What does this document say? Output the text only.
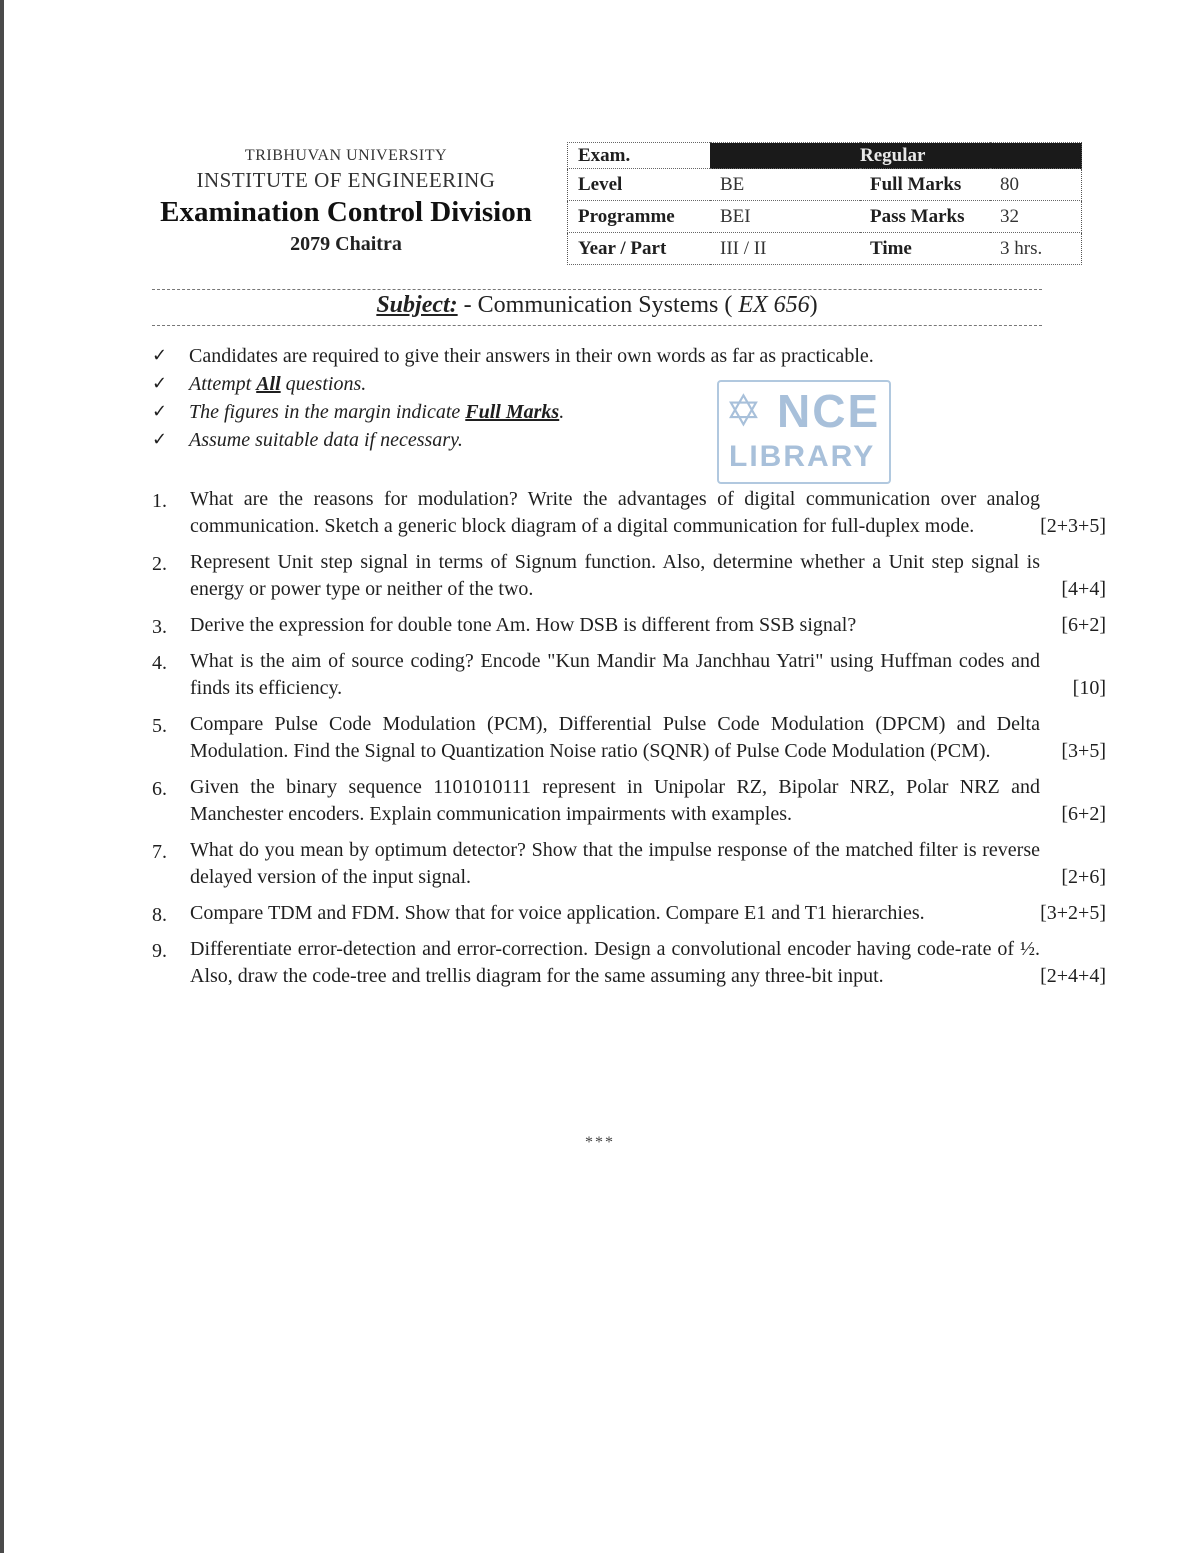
TRIBHUVAN UNIVERSITY
INSTITUTE OF ENGINEERING
Examination Control Division
2079 Chaitra
Exam.	Regular		
Level	BE	Full Marks	80
Programme	BEI	Pass Marks	32
Year / Part	III / II	Time	3 hrs.
Subject: - Communication Systems ( EX 656)
✓	Candidates are required to give their answers in their own words as far as practicable.
✓	Attempt All questions.
✓	The figures in the margin indicate Full Marks.
✓	Assume suitable data if necessary.
✡ NCE
LIBRARY
1.	What are the reasons for modulation? Write the advantages of digital communication over analog communication. Sketch a generic block diagram of a digital communication for full-duplex mode.	[2+3+5]
2.	Represent Unit step signal in terms of Signum function. Also, determine whether a Unit step signal is energy or power type or neither of the two.	[4+4]
3.	Derive the expression for double tone Am. How DSB is different from SSB signal?	[6+2]
4.	What is the aim of source coding? Encode "Kun Mandir Ma Janchhau Yatri" using Huffman codes and finds its efficiency.	[10]
5.	Compare Pulse Code Modulation (PCM), Differential Pulse Code Modulation (DPCM) and Delta Modulation. Find the Signal to Quantization Noise ratio (SQNR) of Pulse Code Modulation (PCM).	[3+5]
6.	Given the binary sequence 1101010111 represent in Unipolar RZ, Bipolar NRZ, Polar NRZ and Manchester encoders. Explain communication impairments with examples.	[6+2]
7.	What do you mean by optimum detector? Show that the impulse response of the matched filter is reverse delayed version of the input signal.	[2+6]
8.	Compare TDM and FDM. Show that for voice application. Compare E1 and T1 hierarchies.	[3+2+5]
9.	Differentiate error-detection and error-correction. Design a convolutional encoder having code-rate of ½. Also, draw the code-tree and trellis diagram for the same assuming any three-bit input.	[2+4+4]
***
